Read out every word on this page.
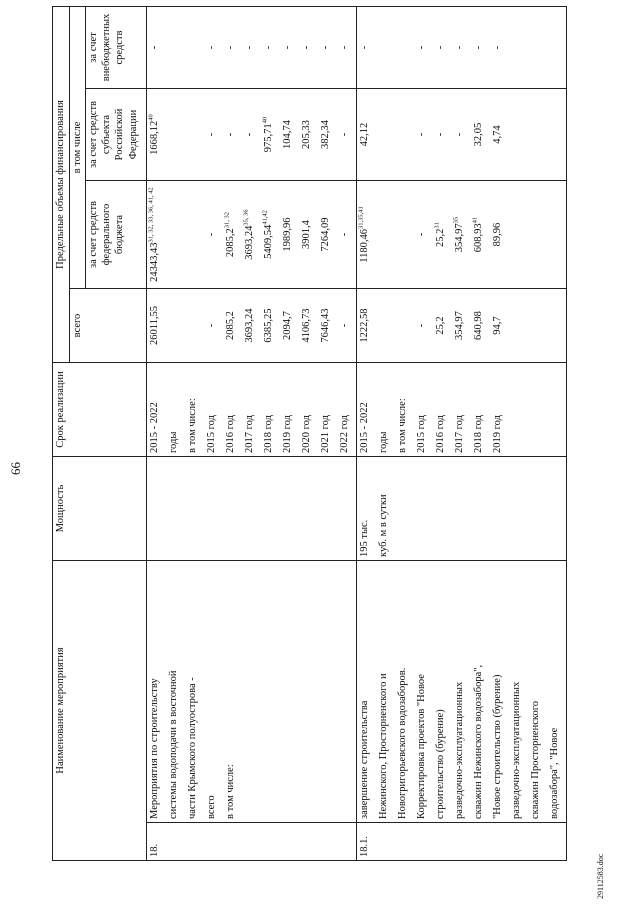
66
Наименование мероприятия		Мощность	Срок реализации	Предельные объемы финансирования			
				всего	в том числе		
					за счет средств федерального бюджета	за счет средств субъекта Российской Федерации	за счет внебюджетных средств
18.	Мероприятия по строительству		2015 - 2022	26011,55	24343,43$^{31, 32, 33, 36, 41, 42}$	1668,12$^{40}$	-
	системы водоподачи в восточной		годы				
	части Крымского полуострова -		в том числе:				
	всего		2015 год	-	-	-	-
	в том числе:		2016 год	2085,2	2085,2$^{31, 32}$	-	-
			2017 год	3693,24	3693,24$^{35, 36}$	-	-
			2018 год	6385,25	5409,54$^{41,42}$	975,71$^{40}$	-
			2019 год	2094,7	1989,96	104,74	-
			2020 год	4106,73	3901,4	205,33	-
			2021 год	7646,43	7264,09	382,34	-
			2022 год	-	-	-	-
18.1.	завершение строительства	195 тыс.	2015 - 2022	1222,58	1180,46$^{31,35,41}$	42,12	-
	Нежинского, Просторненского и	куб. м в сутки	годы				
	Новогригорьевского водозаборов.		в том числе:				
	Корректировка проектов "Новое		2015 год	-	-	-	-
	строительство (бурение)		2016 год	25,2	25,2$^{31}$	-	-
	разведочно-эксплуатационных		2017 год	354,97	354,97$^{35}$	-	-
	скважин Нежинского водозабора",		2018 год	640,98	608,93$^{41}$	32,05	-
	"Новое строительство (бурение)		2019 год	94,7	89,96	4,74	-
	разведочно-эксплуатационных						
	скважин Просторненского						
	водозабора", "Новое						
29112583.doc
